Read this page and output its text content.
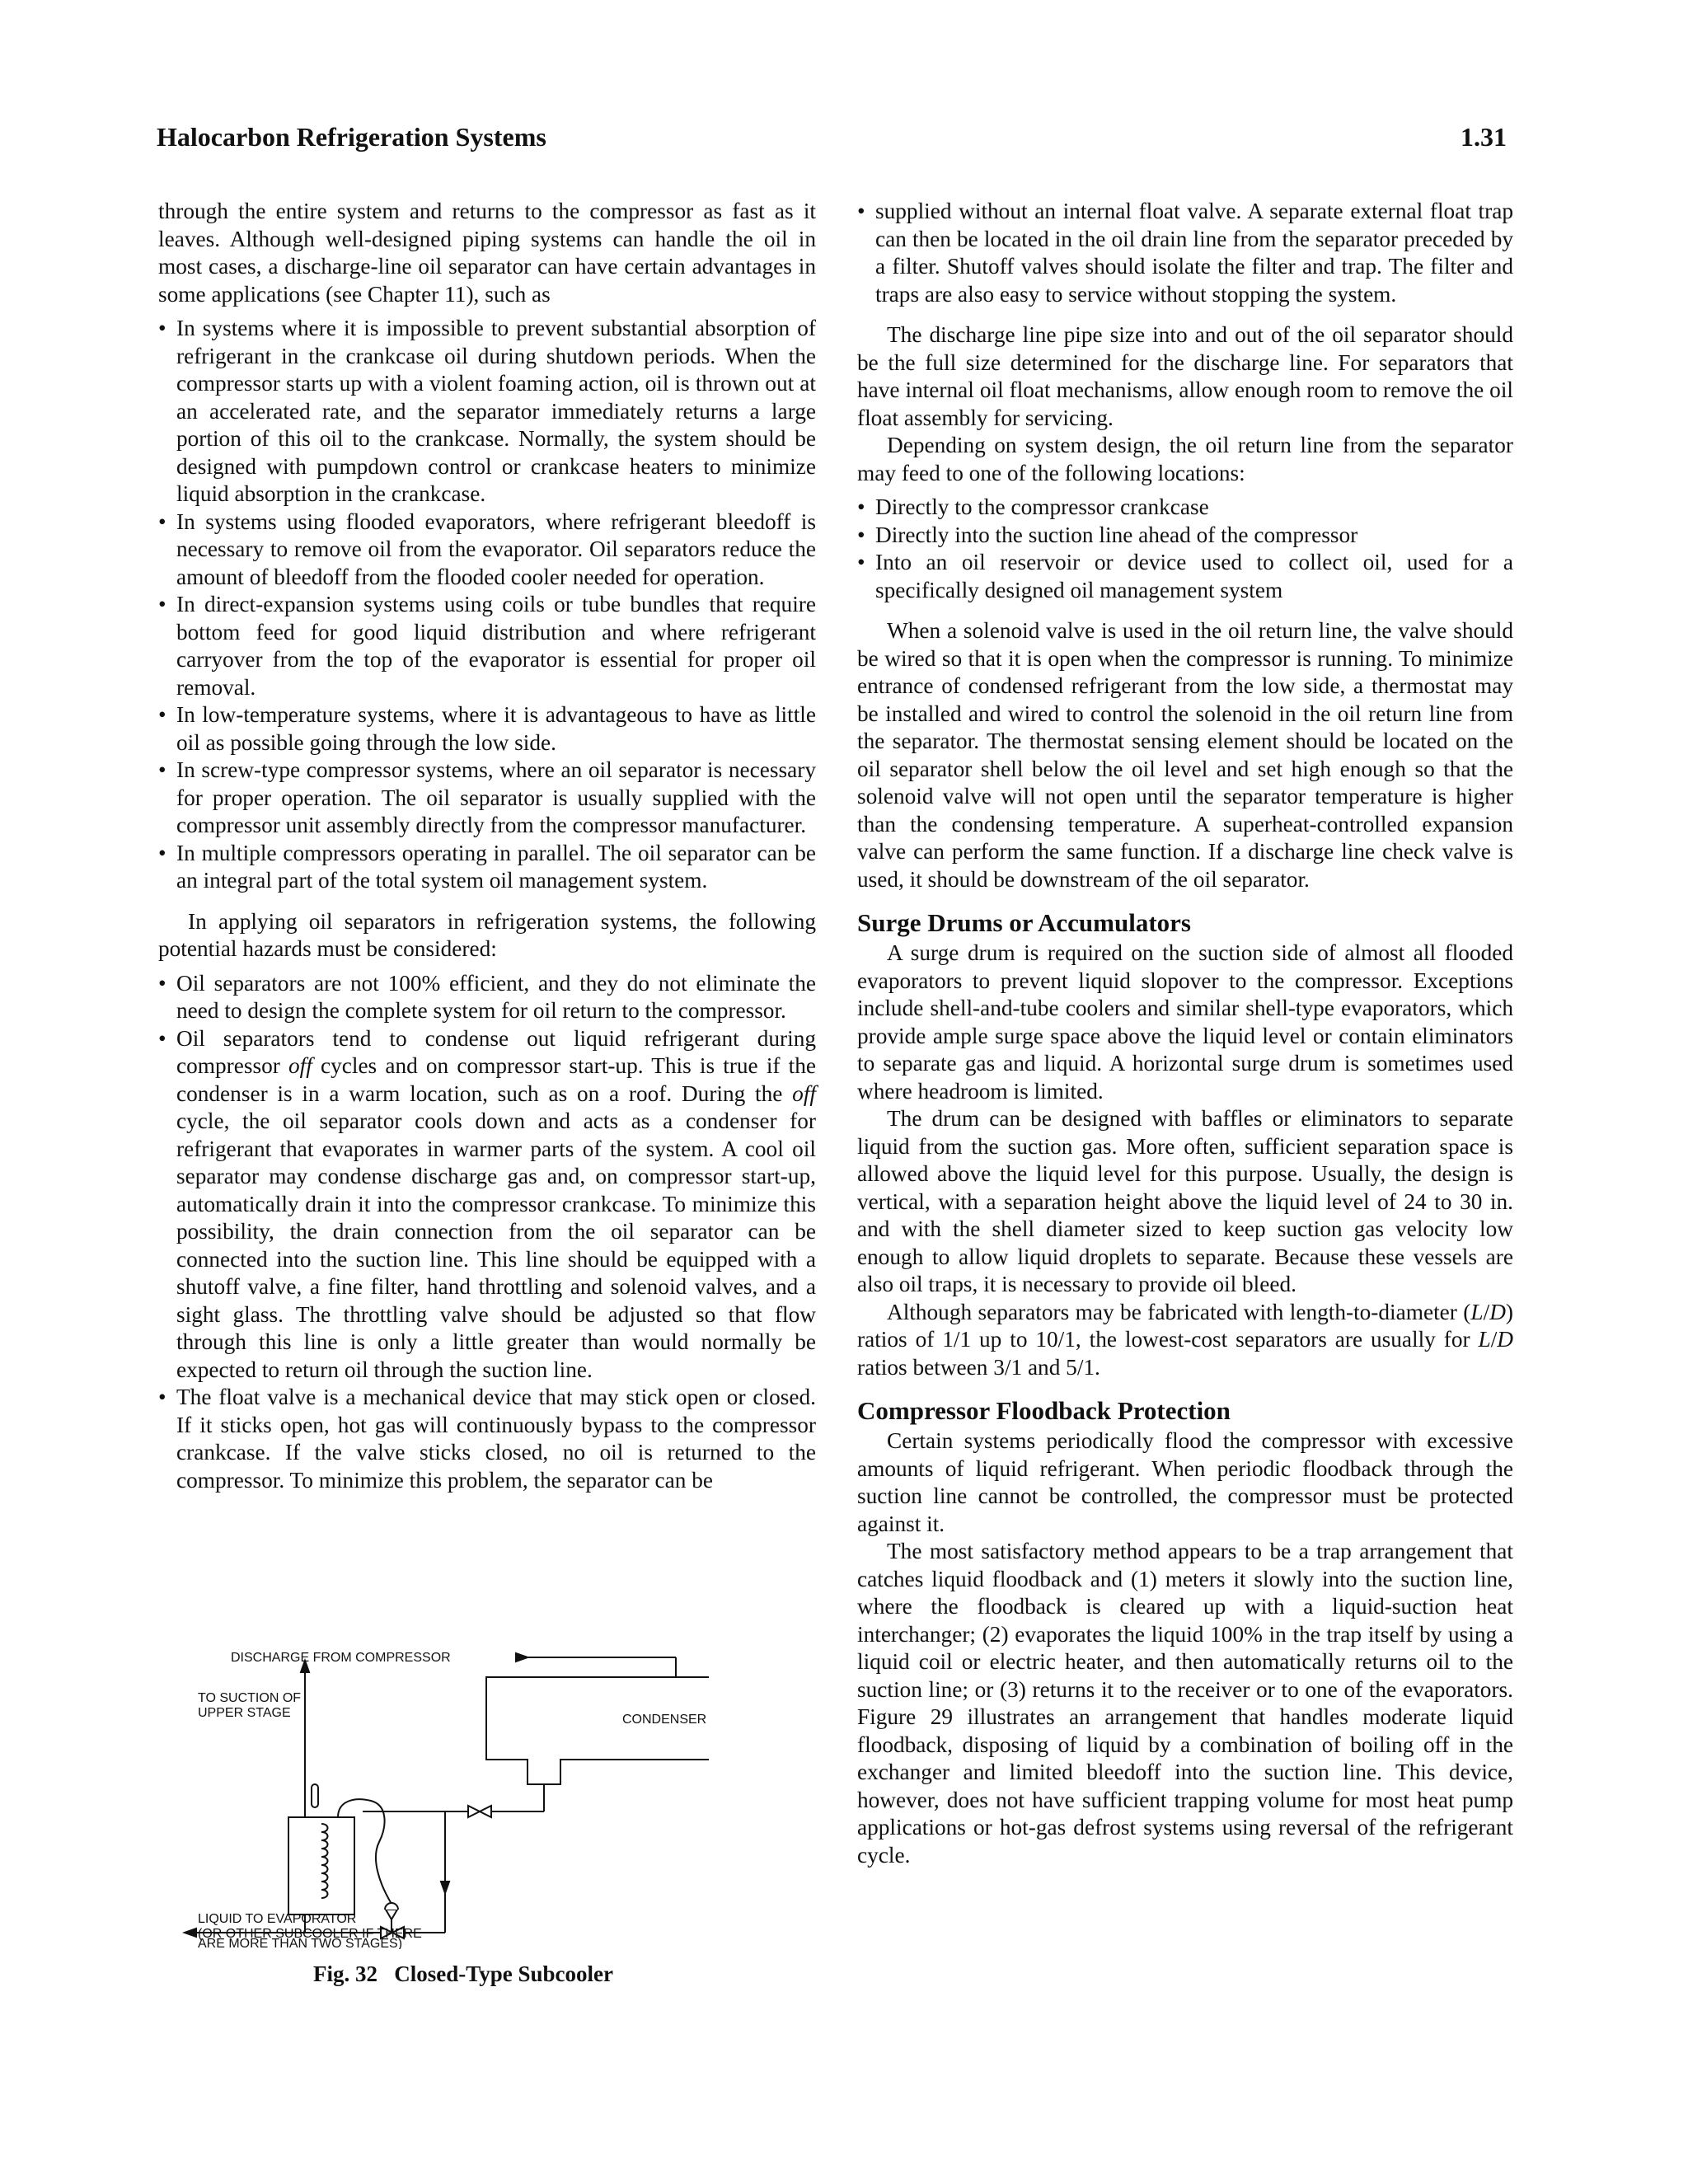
Halocarbon Refrigeration Systems	1.31

through the entire system and returns to the compressor as fast as it leaves. Although well-designed piping systems can handle the oil in most cases, a discharge-line oil separator can have certain advantages in some applications (see Chapter 11), such as

• In systems where it is impossible to prevent substantial absorption of refrigerant in the crankcase oil during shutdown periods. When the compressor starts up with a violent foaming action, oil is thrown out at an accelerated rate, and the separator immediately returns a large portion of this oil to the crankcase. Normally, the system should be designed with pumpdown control or crankcase heaters to minimize liquid absorption in the crankcase.
• In systems using flooded evaporators, where refrigerant bleedoff is necessary to remove oil from the evaporator. Oil separators reduce the amount of bleedoff from the flooded cooler needed for operation.
• In direct-expansion systems using coils or tube bundles that require bottom feed for good liquid distribution and where refrigerant carryover from the top of the evaporator is essential for proper oil removal.
• In low-temperature systems, where it is advantageous to have as little oil as possible going through the low side.
• In screw-type compressor systems, where an oil separator is necessary for proper operation. The oil separator is usually supplied with the compressor unit assembly directly from the compressor manufacturer.
• In multiple compressors operating in parallel. The oil separator can be an integral part of the total system oil management system.

In applying oil separators in refrigeration systems, the following potential hazards must be considered:

• Oil separators are not 100% efficient, and they do not eliminate the need to design the complete system for oil return to the compressor.
• Oil separators tend to condense out liquid refrigerant during compressor off cycles and on compressor start-up. This is true if the condenser is in a warm location, such as on a roof. During the off cycle, the oil separator cools down and acts as a condenser for refrigerant that evaporates in warmer parts of the system. A cool oil separator may condense discharge gas and, on compressor start-up, automatically drain it into the compressor crankcase. To minimize this possibility, the drain connection from the oil separator can be connected into the suction line. This line should be equipped with a shutoff valve, a fine filter, hand throttling and solenoid valves, and a sight glass. The throttling valve should be adjusted so that flow through this line is only a little greater than would normally be expected to return oil through the suction line.
• The float valve is a mechanical device that may stick open or closed. If it sticks open, hot gas will continuously bypass to the compressor crankcase. If the valve sticks closed, no oil is returned to the compressor. To minimize this problem, the separator can be
DISCHARGE FROM COMPRESSOR
TO SUCTION OF
UPPER STAGE	CONDENSER
LIQUID TO EVAPORATOR
(OR OTHER SUBCOOLER IF THERE
ARE MORE THAN TWO STAGES)
Fig. 32 Closed-Type Subcooler
• supplied without an internal float valve. A separate external float trap can then be located in the oil drain line from the separator preceded by a filter. Shutoff valves should isolate the filter and trap. The filter and traps are also easy to service without stopping the system.

The discharge line pipe size into and out of the oil separator should be the full size determined for the discharge line. For separators that have internal oil float mechanisms, allow enough room to remove the oil float assembly for servicing.

Depending on system design, the oil return line from the separator may feed to one of the following locations:

• Directly to the compressor crankcase
• Directly into the suction line ahead of the compressor
• Into an oil reservoir or device used to collect oil, used for a specifically designed oil management system

When a solenoid valve is used in the oil return line, the valve should be wired so that it is open when the compressor is running. To minimize entrance of condensed refrigerant from the low side, a thermostat may be installed and wired to control the solenoid in the oil return line from the separator. The thermostat sensing element should be located on the oil separator shell below the oil level and set high enough so that the solenoid valve will not open until the separator temperature is higher than the condensing temperature. A superheat-controlled expansion valve can perform the same function. If a discharge line check valve is used, it should be downstream of the oil separator.

Surge Drums or Accumulators

A surge drum is required on the suction side of almost all flooded evaporators to prevent liquid slopover to the compressor. Exceptions include shell-and-tube coolers and similar shell-type evaporators, which provide ample surge space above the liquid level or contain eliminators to separate gas and liquid. A horizontal surge drum is sometimes used where headroom is limited.

The drum can be designed with baffles or eliminators to separate liquid from the suction gas. More often, sufficient separation space is allowed above the liquid level for this purpose. Usually, the design is vertical, with a separation height above the liquid level of 24 to 30 in. and with the shell diameter sized to keep suction gas velocity low enough to allow liquid droplets to separate. Because these vessels are also oil traps, it is necessary to provide oil bleed.

Although separators may be fabricated with length-to-diameter (L/D) ratios of 1/1 up to 10/1, the lowest-cost separators are usually for L/D ratios between 3/1 and 5/1.

Compressor Floodback Protection

Certain systems periodically flood the compressor with excessive amounts of liquid refrigerant. When periodic floodback through the suction line cannot be controlled, the compressor must be protected against it.

The most satisfactory method appears to be a trap arrangement that catches liquid floodback and (1) meters it slowly into the suction line, where the floodback is cleared up with a liquid-suction heat interchanger; (2) evaporates the liquid 100% in the trap itself by using a liquid coil or electric heater, and then automatically returns oil to the suction line; or (3) returns it to the receiver or to one of the evaporators. Figure 29 illustrates an arrangement that handles moderate liquid floodback, disposing of liquid by a combination of boiling off in the exchanger and limited bleedoff into the suction line. This device, however, does not have sufficient trapping volume for most heat pump applications or hot-gas defrost systems using reversal of the refrigerant cycle.
